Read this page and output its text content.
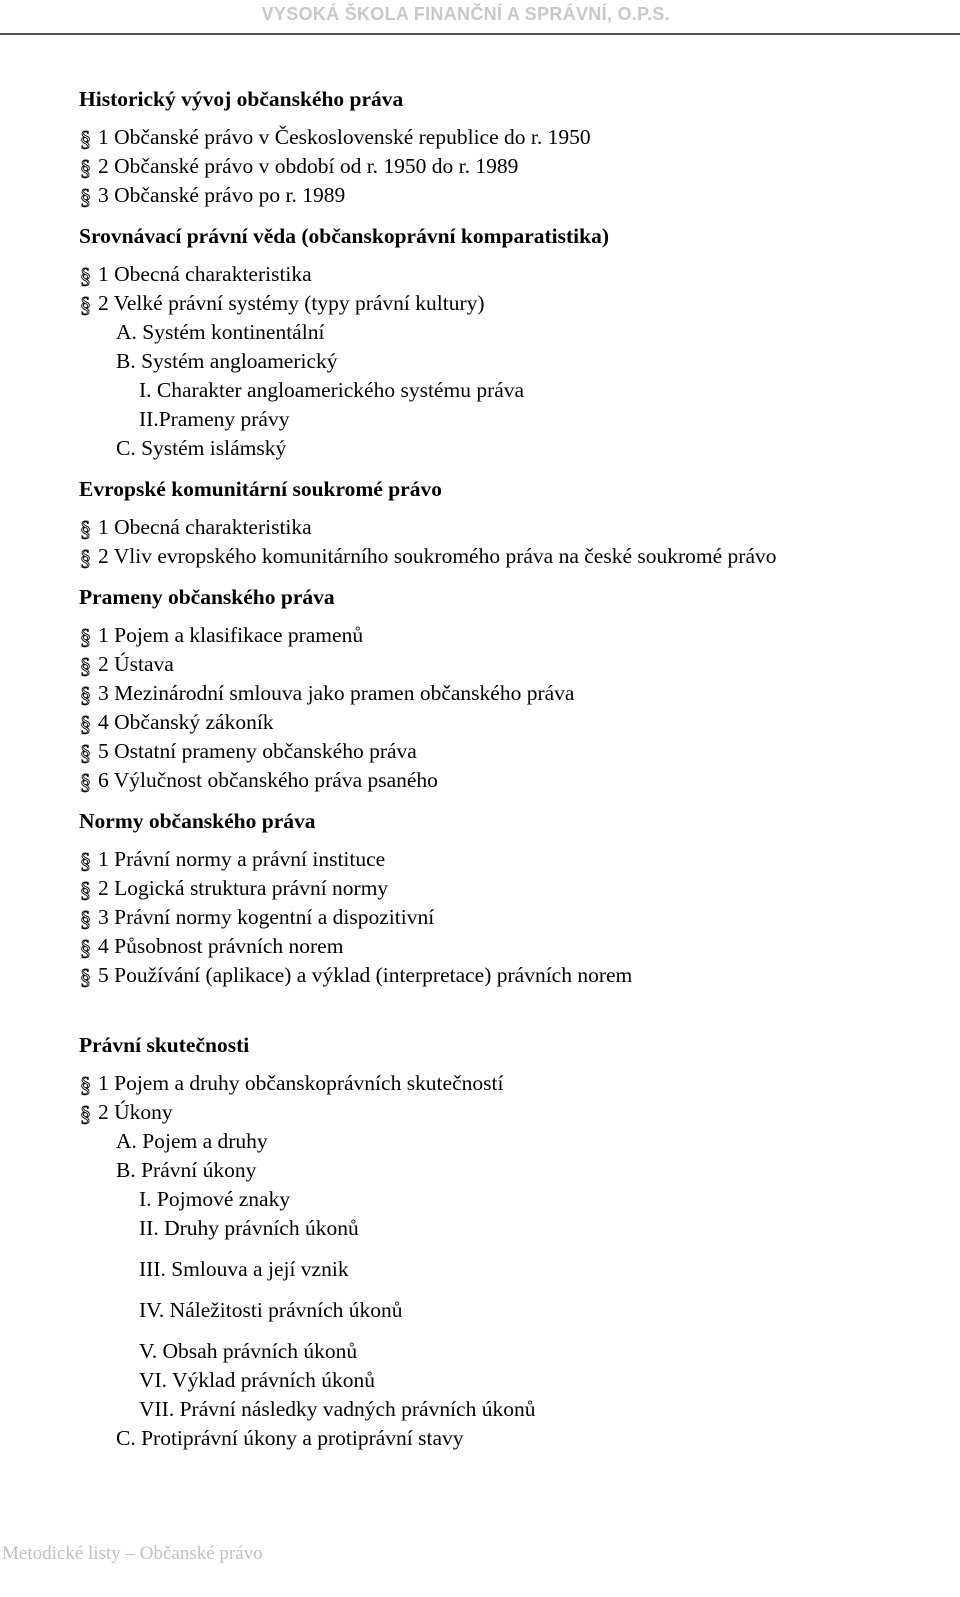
VYSOKÁ ŠKOLA FINANČNÍ A SPRÁVNÍ, O.P.S.
Historický vývoj občanského práva
§ 1 Občanské právo v Československé republice do r. 1950
§ 2 Občanské právo v období od r. 1950 do r. 1989
§ 3 Občanské právo po r. 1989
Srovnávací právní věda (občanskoprávní komparatistika)
§ 1 Obecná charakteristika
§ 2 Velké právní systémy (typy právní kultury)
A. Systém kontinentální
B. Systém angloamerický
I. Charakter angloamerického systému práva
II.Prameny právy
C. Systém islámský
Evropské komunitární soukromé právo
§ 1 Obecná charakteristika
§ 2 Vliv evropského komunitárního soukromého práva na české soukromé právo
Prameny občanského práva
§ 1 Pojem a klasifikace pramenů
§ 2 Ústava
§ 3 Mezinárodní smlouva jako pramen občanského práva
§ 4 Občanský zákoník
§ 5 Ostatní prameny občanského práva
§ 6 Výlučnost občanského práva psaného
Normy občanského práva
§ 1 Právní normy a právní instituce
§ 2 Logická struktura právní normy
§ 3 Právní normy kogentní a dispozitivní
§ 4 Působnost právních norem
§ 5 Používání (aplikace) a výklad (interpretace) právních norem
Právní skutečnosti
§ 1 Pojem a druhy občanskoprávních skutečností
§ 2 Úkony
A. Pojem a druhy
B. Právní úkony
I. Pojmové znaky
II. Druhy právních úkonů
III. Smlouva a její vznik
IV. Náležitosti právních úkonů
V. Obsah právních úkonů
VI. Výklad právních úkonů
VII. Právní následky vadných právních úkonů
C. Protiprávní úkony a protiprávní stavy
Metodické listy – Občanské právo
